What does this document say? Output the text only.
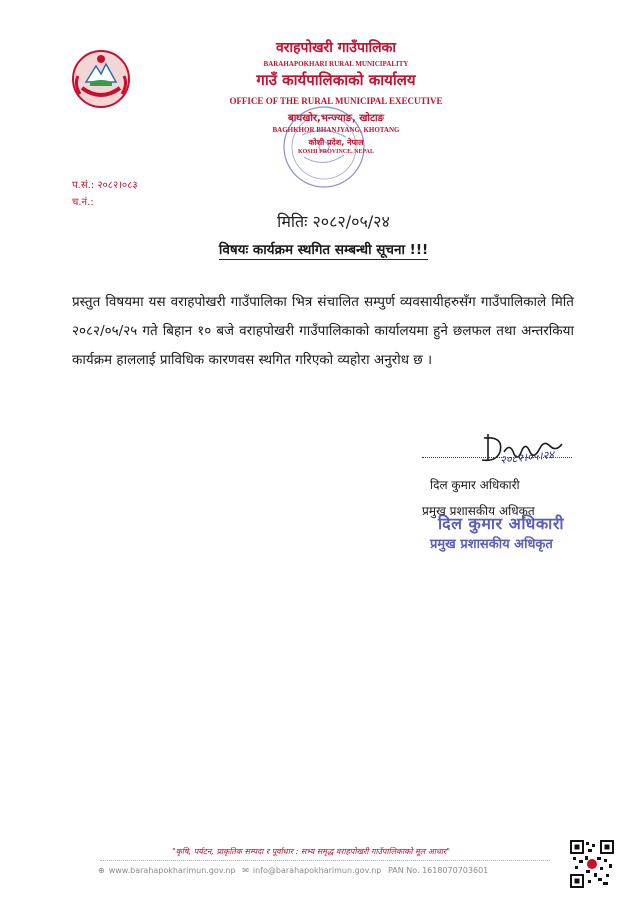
वराहपोखरी गाउँपालिका
BARAHAPOKHARI RURAL MUNICIPALITY
गाउँ कार्यपालिकाको कार्यालय
OFFICE OF THE RURAL MUNICIPAL EXECUTIVE
बाघखोर,भन्ज्याङ, खोटाङ
BAGHKHOR BHANJYANG, KHOTANG
कोशी प्रदेश, नेपाल
KOSHI PROVINCE, NEPAL
प.सं.: २०८२।०८३
च.नं.:
मितिः २०८२/०५/२४
विषयः कार्यक्रम स्थगित सम्बन्धी सूचना !!!
प्रस्तुत विषयमा यस वराहपोखरी गाउँपालिका भित्र संचालित सम्पुर्ण व्यवसायीहरुसँग गाउँपालिकाले मिति २०८२/०५/२५ गते बिहान १० बजे वराहपोखरी गाउँपालिकाको कार्यालयमा हुने छलफल तथा अन्तरकिया कार्यक्रम हाललाई प्राविधिक कारणवस स्थगित गरिएको व्यहोरा अनुरोध छ ।
२०८२।०५।२४
दिल कुमार अधिकारी
प्रमुख प्रशासकीय अधिकृत
दिल कुमार अधिकारी
प्रमुख प्रशासकीय अधिकृत
"कृषि, पर्यटन, प्राकृतिक सम्पदा र पूर्वाधार : सभ्य समृद्ध वराहपोखरी गाउँपालिकाको मूल आधार"
⊕ www.barahapokharimun.gov.np ✉ info@barahapokharimun.gov.np PAN No. 1618070703601
